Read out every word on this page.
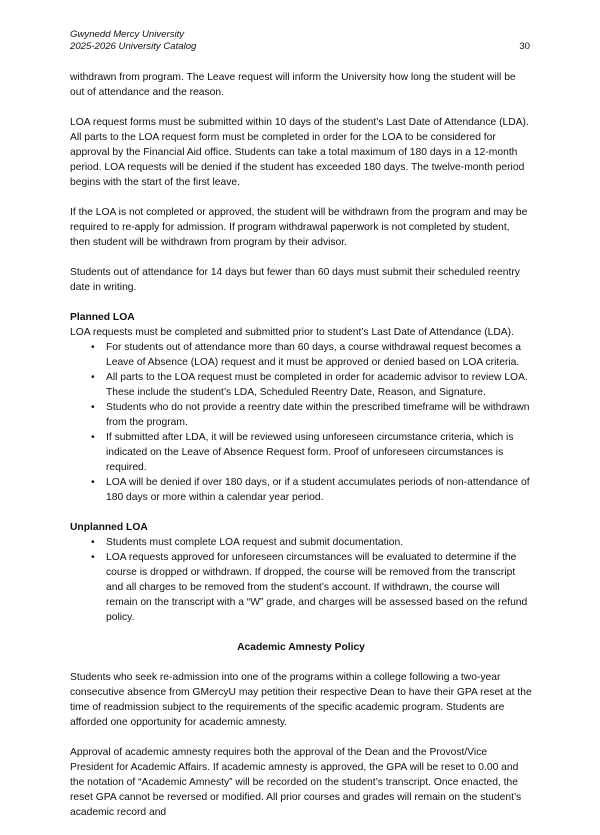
Gwynedd Mercy University
2025-2026 University Catalog	30

withdrawn from program. The Leave request will inform the University how long the student will be out of attendance and the reason.

LOA request forms must be submitted within 10 days of the student’s Last Date of Attendance (LDA). All parts to the LOA request form must be completed in order for the LOA to be considered for approval by the Financial Aid office. Students can take a total maximum of 180 days in a 12-month period. LOA requests will be denied if the student has exceeded 180 days. The twelve-month period begins with the start of the first leave.

If the LOA is not completed or approved, the student will be withdrawn from the program and may be required to re-apply for admission. If program withdrawal paperwork is not completed by student, then student will be withdrawn from program by their advisor.

Students out of attendance for 14 days but fewer than 60 days must submit their scheduled reentry date in writing.

Planned LOA
LOA requests must be completed and submitted prior to student’s Last Date of Attendance (LDA).
• For students out of attendance more than 60 days, a course withdrawal request becomes a Leave of Absence (LOA) request and it must be approved or denied based on LOA criteria.
• All parts to the LOA request must be completed in order for academic advisor to review LOA. These include the student’s LDA, Scheduled Reentry Date, Reason, and Signature.
• Students who do not provide a reentry date within the prescribed timeframe will be withdrawn from the program.
• If submitted after LDA, it will be reviewed using unforeseen circumstance criteria, which is indicated on the Leave of Absence Request form. Proof of unforeseen circumstances is required.
• LOA will be denied if over 180 days, or if a student accumulates periods of non-attendance of 180 days or more within a calendar year period.
Unplanned LOA
• Students must complete LOA request and submit documentation.
• LOA requests approved for unforeseen circumstances will be evaluated to determine if the course is dropped or withdrawn. If dropped, the course will be removed from the transcript and all charges to be removed from the student’s account. If withdrawn, the course will remain on the transcript with a “W” grade, and charges will be assessed based on the refund policy.
Academic Amnesty Policy

Students who seek re-admission into one of the programs within a college following a two-year consecutive absence from GMercyU may petition their respective Dean to have their GPA reset at the time of readmission subject to the requirements of the specific academic program. Students are afforded one opportunity for academic amnesty.

Approval of academic amnesty requires both the approval of the Dean and the Provost/Vice President for Academic Affairs. If academic amnesty is approved, the GPA will be reset to 0.00 and the notation of “Academic Amnesty” will be recorded on the student’s transcript. Once enacted, the reset GPA cannot be reversed or modified. All prior courses and grades will remain on the student’s academic record and
